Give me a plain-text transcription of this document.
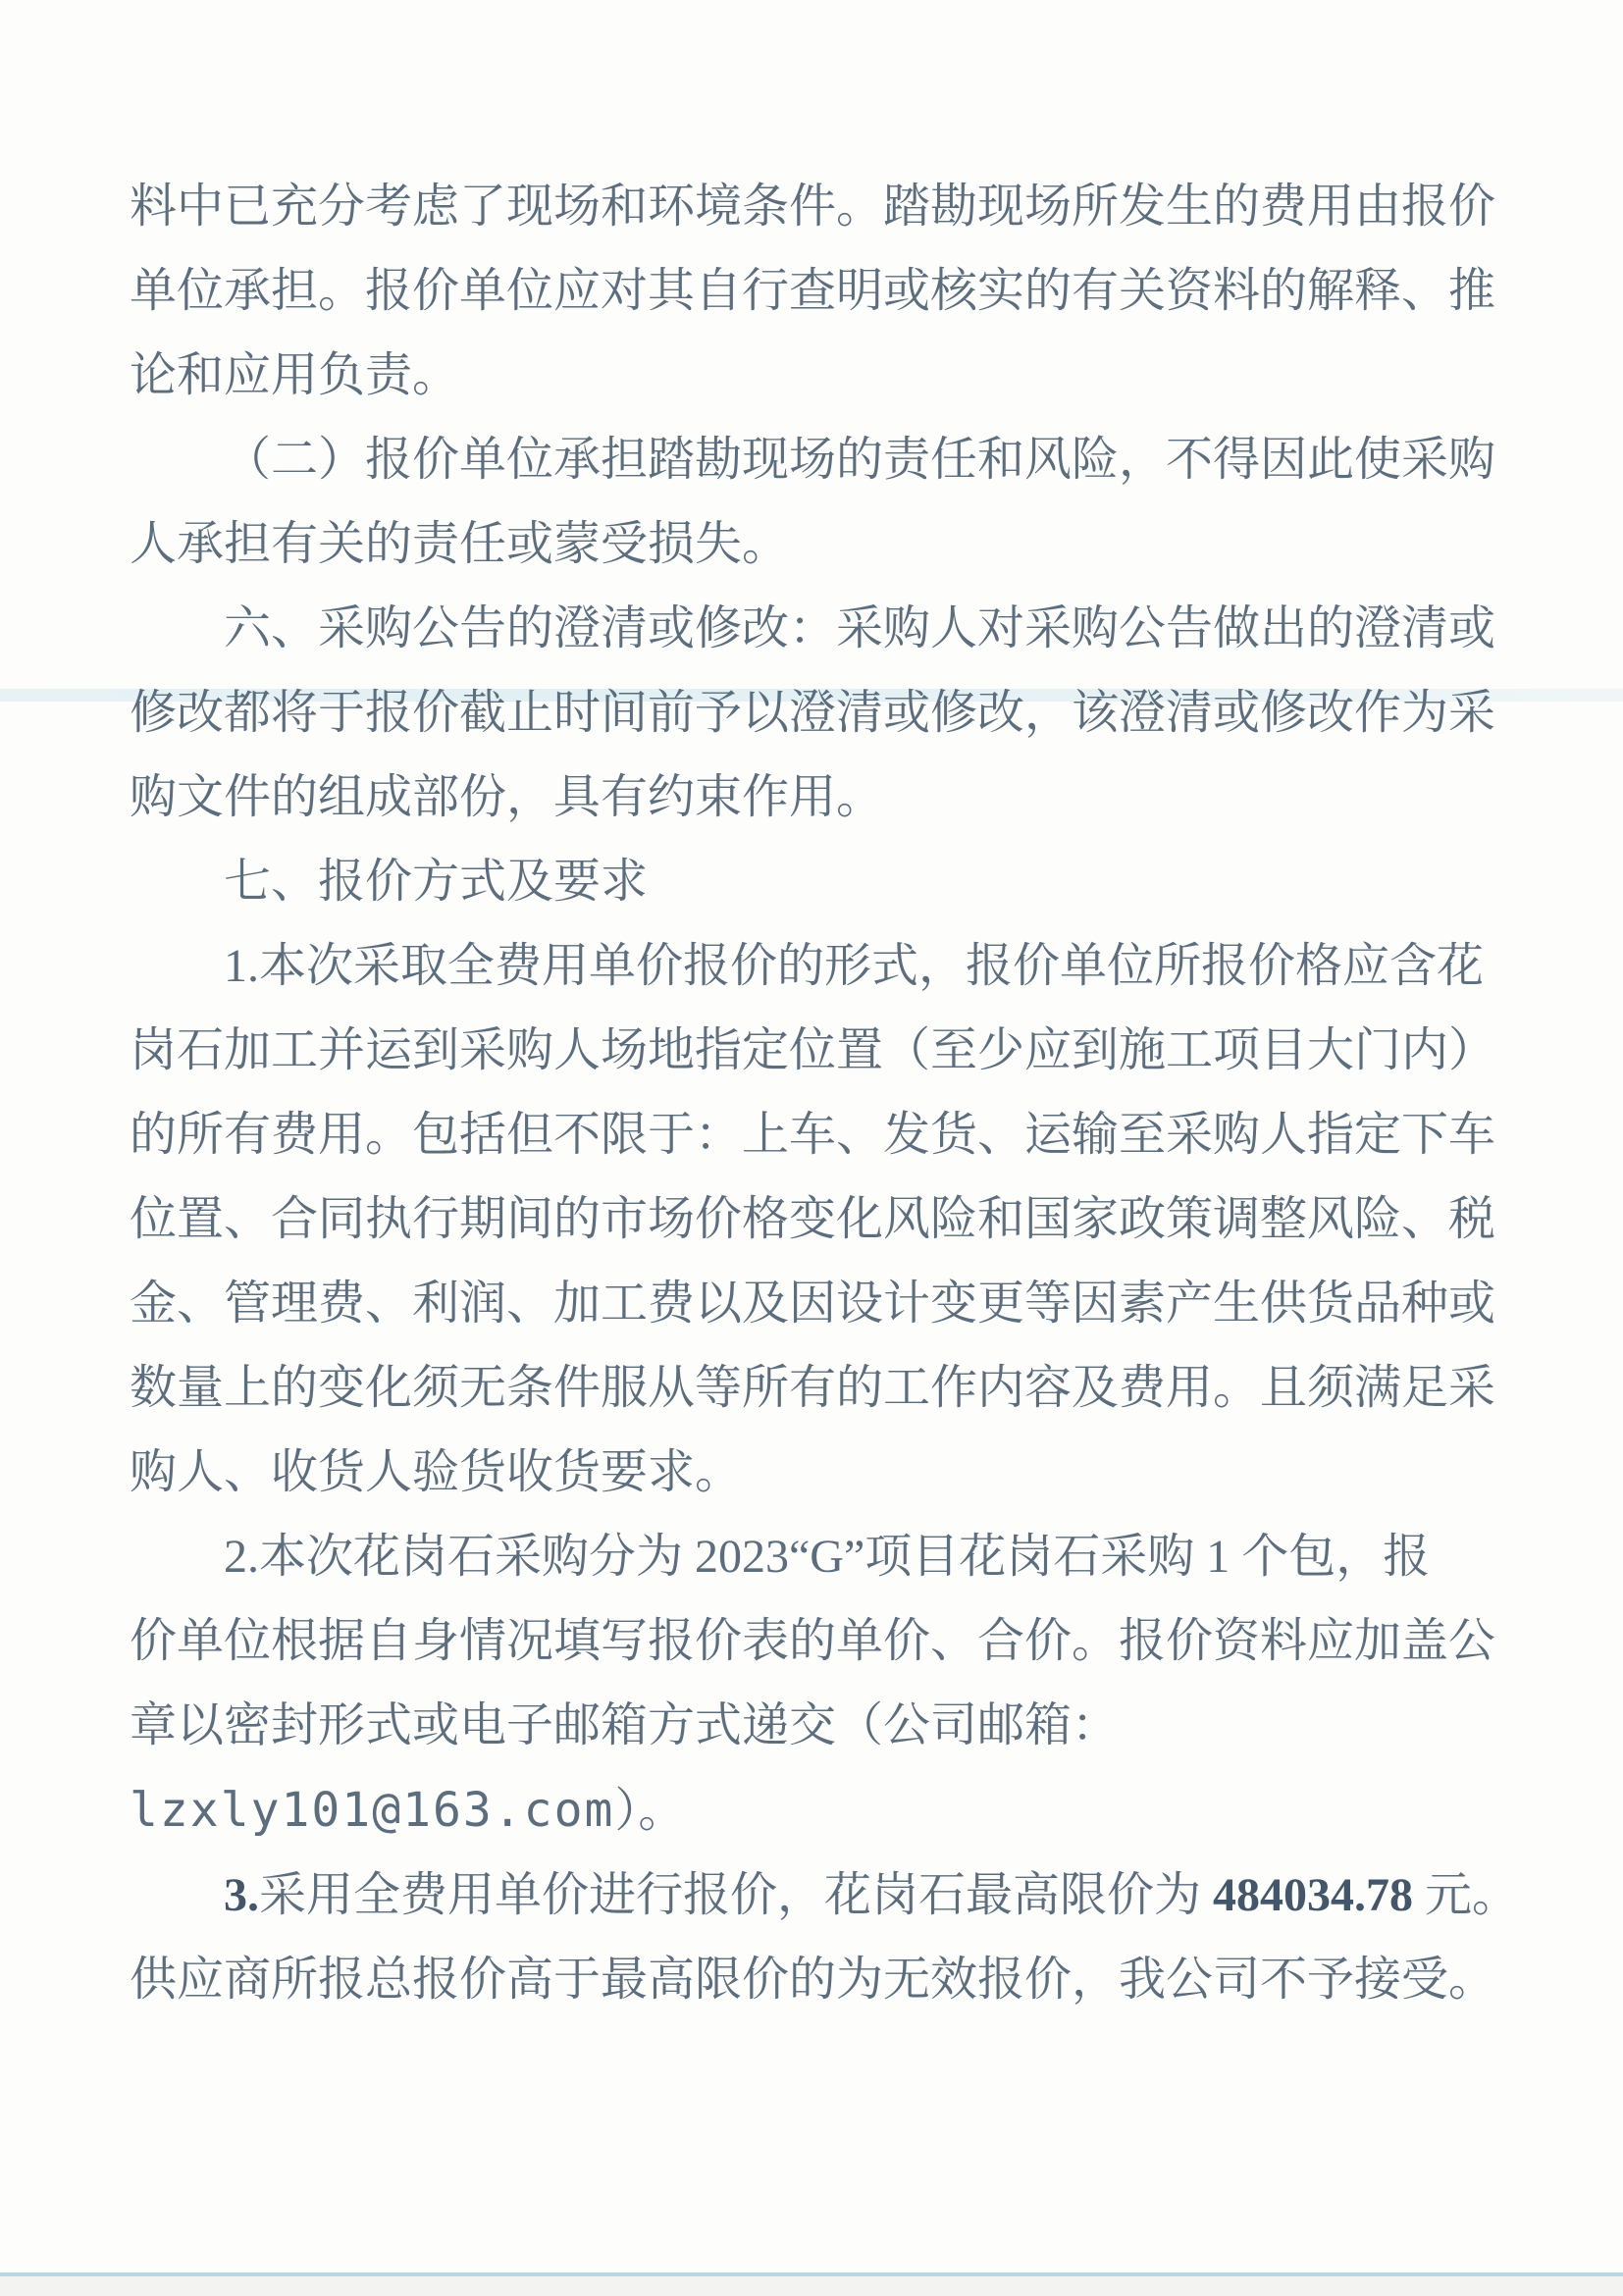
料中已充分考虑了现场和环境条件。踏勘现场所发生的费用由报价
单位承担。报价单位应对其自行查明或核实的有关资料的解释、推
论和应用负责。

（二）报价单位承担踏勘现场的责任和风险，不得因此使采购
人承担有关的责任或蒙受损失。

六、采购公告的澄清或修改：采购人对采购公告做出的澄清或
修改都将于报价截止时间前予以澄清或修改，该澄清或修改作为采
购文件的组成部份，具有约束作用。

七、报价方式及要求

1.本次采取全费用单价报价的形式，报价单位所报价格应含花
岗石加工并运到采购人场地指定位置（至少应到施工项目大门内）
的所有费用。包括但不限于：上车、发货、运输至采购人指定下车
位置、合同执行期间的市场价格变化风险和国家政策调整风险、税
金、管理费、利润、加工费以及因设计变更等因素产生供货品种或
数量上的变化须无条件服从等所有的工作内容及费用。且须满足采
购人、收货人验货收货要求。

2.本次花岗石采购分为 2023“G”项目花岗石采购 1 个包，报
价单位根据自身情况填写报价表的单价、合价。报价资料应加盖公
章以密封形式或电子邮箱方式递交（公司邮箱：
lzxly101@163.com）。

3.采用全费用单价进行报价，花岗石最高限价为 484034.78 元。
供应商所报总报价高于最高限价的为无效报价，我公司不予接受。
